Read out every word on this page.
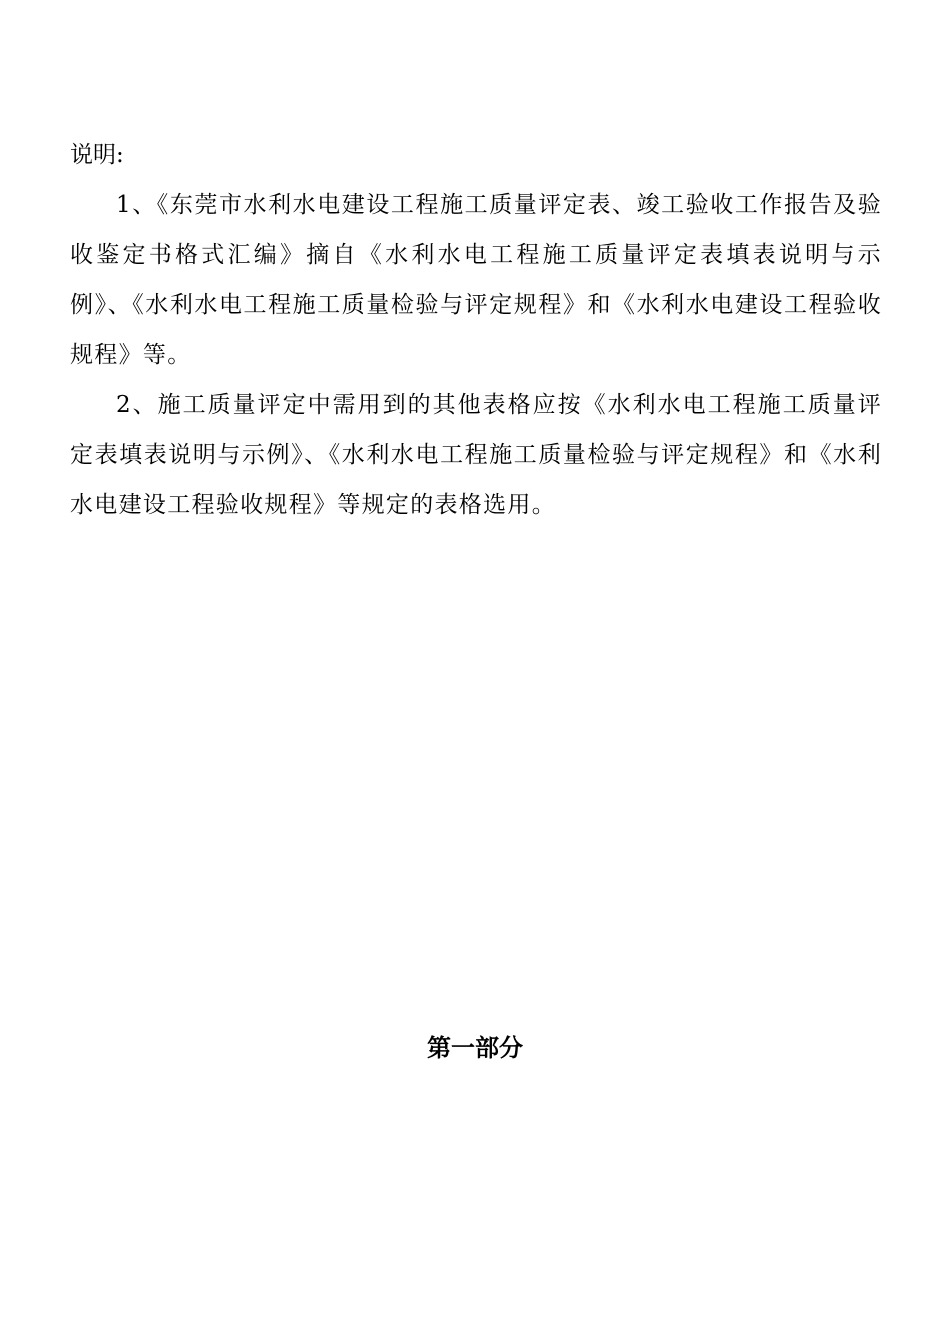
说明:

1、《东莞市水利水电建设工程施工质量评定表、竣工验收工作报告及验收鉴定书格式汇编》摘自《水利水电工程施工质量评定表填表说明与示例》、《水利水电工程施工质量检验与评定规程》和《水利水电建设工程验收规程》等。

2、施工质量评定中需用到的其他表格应按《水利水电工程施工质量评定表填表说明与示例》、《水利水电工程施工质量检验与评定规程》和《水利水电建设工程验收规程》等规定的表格选用。

第一部分
